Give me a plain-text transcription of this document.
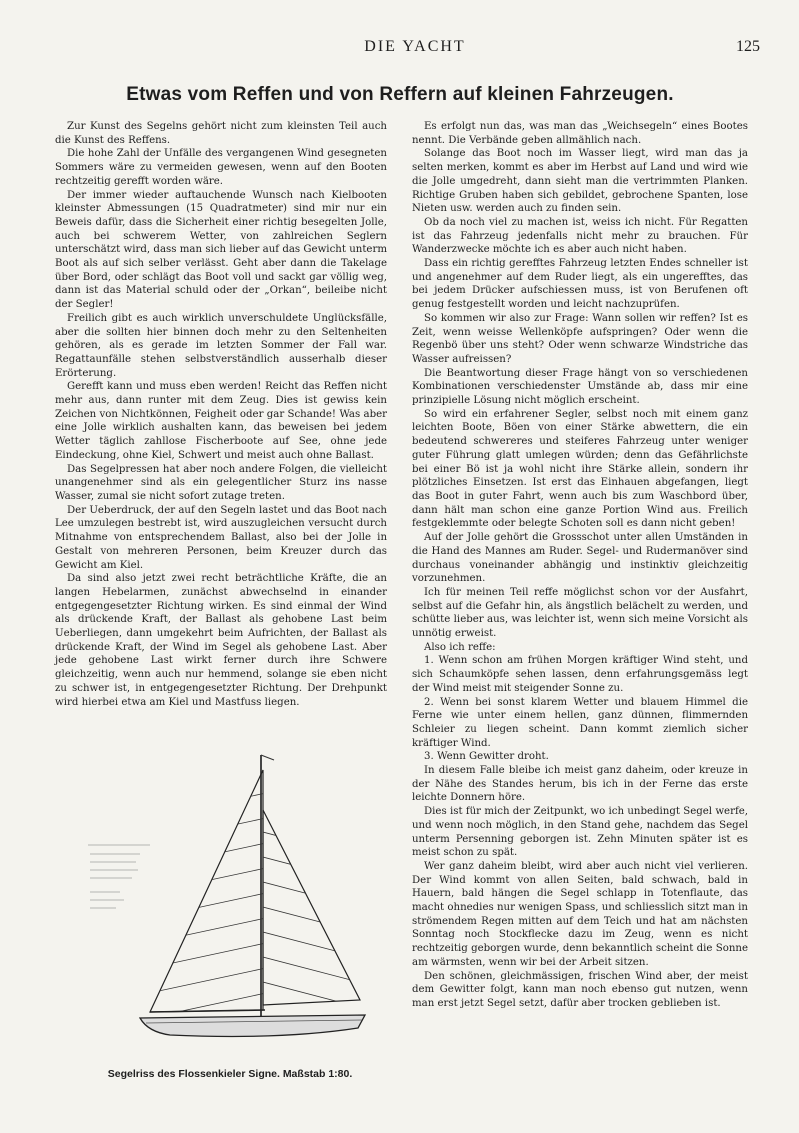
DIE YACHT	125
Etwas vom Reffen und von Reffern auf kleinen Fahrzeugen.

Zur Kunst des Segelns gehört nicht zum kleinsten Teil auch die Kunst des Reffens.

Die hohe Zahl der Unfälle des vergangenen Wind gesegneten Sommers wäre zu vermeiden gewesen, wenn auf den Booten rechtzeitig gerefft worden wäre.

Der immer wieder auftauchende Wunsch nach Kielbooten kleinster Abmessungen (15 Quadratmeter) sind mir nur ein Beweis dafür, dass die Sicherheit einer richtig besegelten Jolle, auch bei schwerem Wetter, von zahlreichen Seglern unterschätzt wird, dass man sich lieber auf das Gewicht unterm Boot als auf sich selber verlässt. Geht aber dann die Takelage über Bord, oder schlägt das Boot voll und sackt gar völlig weg, dann ist das Material schuld oder der „Orkan“, beileibe nicht der Segler!

Freilich gibt es auch wirklich unverschuldete Unglücksfälle, aber die sollten hier binnen doch mehr zu den Seltenheiten gehören, als es gerade im letzten Sommer der Fall war. Regattaunfälle stehen selbstverständlich ausserhalb dieser Erörterung.

Gerefft kann und muss eben werden! Reicht das Reffen nicht mehr aus, dann runter mit dem Zeug. Dies ist gewiss kein Zeichen von Nichtkönnen, Feigheit oder gar Schande! Was aber eine Jolle wirklich aushalten kann, das beweisen bei jedem Wetter täglich zahllose Fischerboote auf See, ohne jede Eindeckung, ohne Kiel, Schwert und meist auch ohne Ballast.

Das Segelpressen hat aber noch andere Folgen, die vielleicht unangenehmer sind als ein gelegentlicher Sturz ins nasse Wasser, zumal sie nicht sofort zutage treten.

Der Ueberdruck, der auf den Segeln lastet und das Boot nach Lee umzulegen bestrebt ist, wird auszugleichen versucht durch Mitnahme von entsprechendem Ballast, also bei der Jolle in Gestalt von mehreren Personen, beim Kreuzer durch das Gewicht am Kiel.

Da sind also jetzt zwei recht beträchtliche Kräfte, die an langen Hebelarmen, zunächst abwechselnd in einander entgegengesetzter Richtung wirken. Es sind einmal der Wind als drückende Kraft, der Ballast als gehobene Last beim Ueberliegen, dann umgekehrt beim Aufrichten, der Ballast als drückende Kraft, der Wind im Segel als gehobene Last. Aber jede gehobene Last wirkt ferner durch ihre Schwere gleichzeitig, wenn auch nur hemmend, solange sie eben nicht zu schwer ist, in entgegengesetzter Richtung. Der Drehpunkt wird hierbei etwa am Kiel und Mastfuss liegen.

Es erfolgt nun das, was man das „Weichsegeln“ eines Bootes nennt. Die Verbände geben allmählich nach.

Solange das Boot noch im Wasser liegt, wird man das ja selten merken, kommt es aber im Herbst auf Land und wird wie die Jolle umgedreht, dann sieht man die vertrimmten Planken. Richtige Gruben haben sich gebildet, gebrochene Spanten, lose Nieten usw. werden auch zu finden sein.

Ob da noch viel zu machen ist, weiss ich nicht. Für Regatten ist das Fahrzeug jedenfalls nicht mehr zu brauchen. Für Wanderzwecke möchte ich es aber auch nicht haben.

Dass ein richtig gerefftes Fahrzeug letzten Endes schneller ist und angenehmer auf dem Ruder liegt, als ein ungerefftes, das bei jedem Drücker aufschiessen muss, ist von Berufenen oft genug festgestellt worden und leicht nachzuprüfen.

So kommen wir also zur Frage: Wann sollen wir reffen? Ist es Zeit, wenn weisse Wellenköpfe aufspringen? Oder wenn die Regenbö über uns steht? Oder wenn schwarze Windstriche das Wasser aufreissen?

Die Beantwortung dieser Frage hängt von so verschiedenen Kombinationen verschiedenster Umstände ab, dass mir eine prinzipielle Lösung nicht möglich erscheint.

So wird ein erfahrener Segler, selbst noch mit einem ganz leichten Boote, Böen von einer Stärke abwettern, die ein bedeutend schwereres und steiferes Fahrzeug unter weniger guter Führung glatt umlegen würden; denn das Gefährlichste bei einer Bö ist ja wohl nicht ihre Stärke allein, sondern ihr plötzliches Einsetzen. Ist erst das Einhauen abgefangen, liegt das Boot in guter Fahrt, wenn auch bis zum Waschbord über, dann hält man schon eine ganze Portion Wind aus. Freilich festgeklemmte oder belegte Schoten soll es dann nicht geben!

Auf der Jolle gehört die Grossschot unter allen Umständen in die Hand des Mannes am Ruder. Segel- und Rudermanöver sind durchaus voneinander abhängig und instinktiv gleichzeitig vorzunehmen.

Ich für meinen Teil reffe möglichst schon vor der Ausfahrt, selbst auf die Gefahr hin, als ängstlich belächelt zu werden, und schütte lieber aus, was leichter ist, wenn sich meine Vorsicht als unnötig erweist.

Also ich reffe:

1. Wenn schon am frühen Morgen kräftiger Wind steht, und sich Schaumköpfe sehen lassen, denn erfahrungsgemäss legt der Wind meist mit steigender Sonne zu.

2. Wenn bei sonst klarem Wetter und blauem Himmel die Ferne wie unter einem hellen, ganz dünnen, flimmernden Schleier zu liegen scheint. Dann kommt ziemlich sicher kräftiger Wind.

3. Wenn Gewitter droht.

In diesem Falle bleibe ich meist ganz daheim, oder kreuze in der Nähe des Standes herum, bis ich in der Ferne das erste leichte Donnern höre.

Dies ist für mich der Zeitpunkt, wo ich unbedingt Segel werfe, und wenn noch möglich, in den Stand gehe, nachdem das Segel unterm Persenning geborgen ist. Zehn Minuten später ist es meist schon zu spät.

Wer ganz daheim bleibt, wird aber auch nicht viel verlieren. Der Wind kommt von allen Seiten, bald schwach, bald in Hauern, bald hängen die Segel schlapp in Totenflaute, das macht ohnedies nur wenigen Spass, und schliesslich sitzt man in strömendem Regen mitten auf dem Teich und hat am nächsten Sonntag noch Stockflecke dazu im Zeug, wenn es nicht rechtzeitig geborgen wurde, denn bekanntlich scheint die Sonne am wärmsten, wenn wir bei der Arbeit sitzen.

Den schönen, gleichmässigen, frischen Wind aber, der meist dem Gewitter folgt, kann man noch ebenso gut nutzen, wenn man erst jetzt Segel setzt, dafür aber trocken geblieben ist.

Segelriss des Flossenkieler Signe. Maßstab 1:80.
